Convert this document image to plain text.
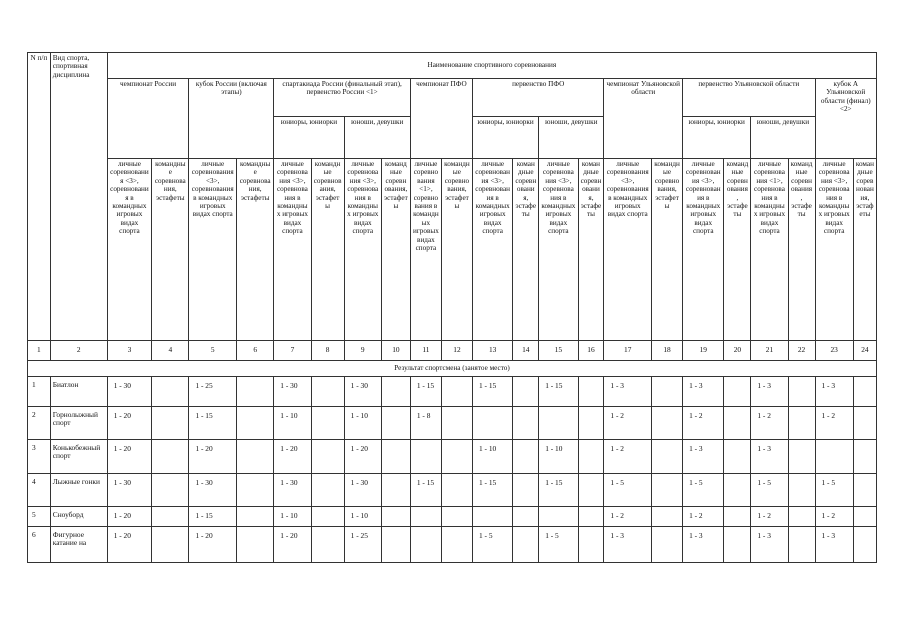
N п/п	Вид спорта, спортивная дисциплина	Наименование спортивного соревнования																					
		чемпионат России		кубок России (включая этапы)		спартакиада России (финальный этап), первенство России <1>				чемпионат ПФО		первенство ПФО				чемпионат Ульяновской области		первенство Ульяновской области				кубок А Ульяновской области (финал) <2>	
						юниоры, юниорки		юноши, девушки				юниоры, юниорки		юноши, девушки				юниоры, юниорки		юноши, девушки			
		личные соревнования <3>, соревнования в командных игровых видах спорта	командные соревнования, эстафеты	личные соревнования <3>, соревнования в командных игровых видах спорта	командные соревнования, эстафеты	личные соревнования <3>, соревнования в командных игровых видах спорта	командные соревнования, эстафеты	личные соревнования <3>, соревнования в командных игровых видах спорта	командные соревнования, эстафеты	личные соревнования <1>, соревнования в командных игровых видах спорта	командные соревнования, эстафеты	личные соревнования <3>, соревнования в командных игровых видах спорта	командные соревнования, эстафеты	личные соревнования <3>, соревнования в командных игровых видах спорта	командные соревнования, эстафеты	личные соревнования <3>, соревнования в командных игровых видах спорта	командные соревнования, эстафеты	личные соревнования <3>, соревнования в командных игровых видах спорта	командные соревнования, эстафеты	личные соревнования <1>, соревнования в командных игровых видах спорта	командные соревнования, эстафеты	личные соревнования <3>, соревнования в командных игровых видах спорта	командные соревнования, эстафеты
1	2	3	4	5	6	7	8	9	10	11	12	13	14	15	16	17	18	19	20	21	22	23	24
Результат спортсмена (занятое место)																							
1	Биатлон	1 - 30		1 - 25		1 - 30		1 - 30		1 - 15		1 - 15		1 - 15		1 - 3		1 - 3		1 - 3		1 - 3	
2	Горнолыжный спорт	1 - 20		1 - 15		1 - 10		1 - 10		1 - 8						1 - 2		1 - 2		1 - 2		1 - 2	
3	Конькобежный спорт	1 - 20		1 - 20		1 - 20		1 - 20				1 - 10		1 - 10		1 - 2		1 - 3		1 - 3			
4	Лыжные гонки	1 - 30		1 - 30		1 - 30		1 - 30		1 - 15		1 - 15		1 - 15		1 - 5		1 - 5		1 - 5		1 - 5	
5	Сноуборд	1 - 20		1 - 15		1 - 10		1 - 10								1 - 2		1 - 2		1 - 2		1 - 2	
6	Фигурное катание на	1 - 20		1 - 20		1 - 20		1 - 25				1 - 5		1 - 5		1 - 3		1 - 3		1 - 3		1 - 3	
